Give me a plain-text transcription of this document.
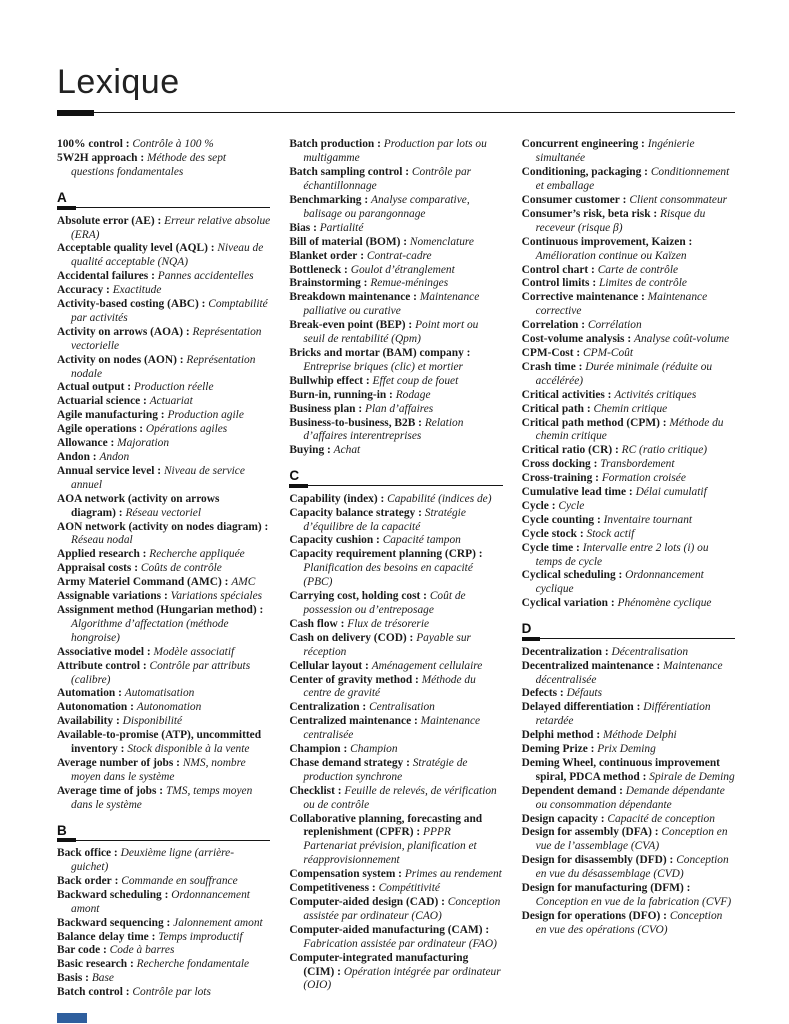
Lexique

100% control : Contrôle à 100 %

5W2H approach : Méthode des sept questions fondamentales

A

Absolute error (AE) : Erreur relative absolue (ERA)

Acceptable quality level (AQL) : Niveau de qualité acceptable (NQA)

Accidental failures : Pannes accidentelles

Accuracy : Exactitude

Activity-based costing (ABC) : Comptabilité par activités

Activity on arrows (AOA) : Représentation vectorielle

Activity on nodes (AON) : Représentation nodale

Actual output : Production réelle

Actuarial science : Actuariat

Agile manufacturing : Production agile

Agile operations : Opérations agiles

Allowance : Majoration

Andon : Andon

Annual service level : Niveau de service annuel

AOA network (activity on arrows diagram) : Réseau vectoriel

AON network (activity on nodes diagram) : Réseau nodal

Applied research : Recherche appliquée

Appraisal costs : Coûts de contrôle

Army Materiel Command (AMC) : AMC

Assignable variations : Variations spéciales

Assignment method (Hungarian method) : Algorithme d’affectation (méthode hongroise)

Associative model : Modèle associatif

Attribute control : Contrôle par attributs (calibre)

Automation : Automatisation

Autonomation : Autonomation

Availability : Disponibilité

Available-to-promise (ATP), uncommitted inventory : Stock disponible à la vente

Average number of jobs : NMS, nombre moyen dans le système

Average time of jobs : TMS, temps moyen dans le système

B

Back office : Deuxième ligne (arrière-guichet)

Back order : Commande en souffrance

Backward scheduling : Ordonnancement amont

Backward sequencing : Jalonnement amont

Balance delay time : Temps improductif

Bar code : Code à barres

Basic research : Recherche fondamentale

Basis : Base

Batch control : Contrôle par lots

Batch production : Production par lots ou multigamme

Batch sampling control : Contrôle par échantillonnage

Benchmarking : Analyse comparative, balisage ou parangonnage

Bias : Partialité

Bill of material (BOM) : Nomenclature

Blanket order : Contrat-cadre

Bottleneck : Goulot d’étranglement

Brainstorming : Remue-méninges

Breakdown maintenance : Maintenance palliative ou curative

Break-even point (BEP) : Point mort ou seuil de rentabilité (Qpm)

Bricks and mortar (BAM) company : Entreprise briques (clic) et mortier

Bullwhip effect : Effet coup de fouet

Burn-in, running-in : Rodage

Business plan : Plan d’affaires

Business-to-business, B2B : Relation d’affaires interentreprises

Buying : Achat

C

Capability (index) : Capabilité (indices de)

Capacity balance strategy : Stratégie d’équilibre de la capacité

Capacity cushion : Capacité tampon

Capacity requirement planning (CRP) : Planification des besoins en capacité (PBC)

Carrying cost, holding cost : Coût de possession ou d’entreposage

Cash flow : Flux de trésorerie

Cash on delivery (COD) : Payable sur réception

Cellular layout : Aménagement cellulaire

Center of gravity method : Méthode du centre de gravité

Centralization : Centralisation

Centralized maintenance : Maintenance centralisée

Champion : Champion

Chase demand strategy : Stratégie de production synchrone

Checklist : Feuille de relevés, de vérification ou de contrôle

Collaborative planning, forecasting and replenishment (CPFR) : PPPR Partenariat prévision, planification et réapprovisionnement

Compensation system : Primes au rendement

Competitiveness : Compétitivité

Computer-aided design (CAD) : Conception assistée par ordinateur (CAO)

Computer-aided manufacturing (CAM) : Fabrication assistée par ordinateur (FAO)

Computer-integrated manufacturing (CIM) : Opération intégrée par ordinateur (OIO)

Concurrent engineering : Ingénierie simultanée

Conditioning, packaging : Conditionnement et emballage

Consumer customer : Client consommateur

Consumer’s risk, beta risk : Risque du receveur (risque β)

Continuous improvement, Kaizen : Amélioration continue ou Kaïzen

Control chart : Carte de contrôle

Control limits : Limites de contrôle

Corrective maintenance : Maintenance corrective

Correlation : Corrélation

Cost-volume analysis : Analyse coût-volume

CPM-Cost : CPM-Coût

Crash time : Durée minimale (réduite ou accélérée)

Critical activities : Activités critiques

Critical path : Chemin critique

Critical path method (CPM) : Méthode du chemin critique

Critical ratio (CR) : RC (ratio critique)

Cross docking : Transbordement

Cross-training : Formation croisée

Cumulative lead time : Délai cumulatif

Cycle : Cycle

Cycle counting : Inventaire tournant

Cycle stock : Stock actif

Cycle time : Intervalle entre 2 lots (i) ou temps de cycle

Cyclical scheduling : Ordonnancement cyclique

Cyclical variation : Phénomène cyclique

D

Decentralization : Décentralisation

Decentralized maintenance : Maintenance décentralisée

Defects : Défauts

Delayed differentiation : Différentiation retardée

Delphi method : Méthode Delphi

Deming Prize : Prix Deming

Deming Wheel, continuous improvement spiral, PDCA method : Spirale de Deming

Dependent demand : Demande dépendante ou consommation dépendante

Design capacity : Capacité de conception

Design for assembly (DFA) : Conception en vue de l’assemblage (CVA)

Design for disassembly (DFD) : Conception en vue du désassemblage (CVD)

Design for manufacturing (DFM) : Conception en vue de la fabrication (CVF)

Design for operations (DFO) : Conception en vue des opérations (CVO)
